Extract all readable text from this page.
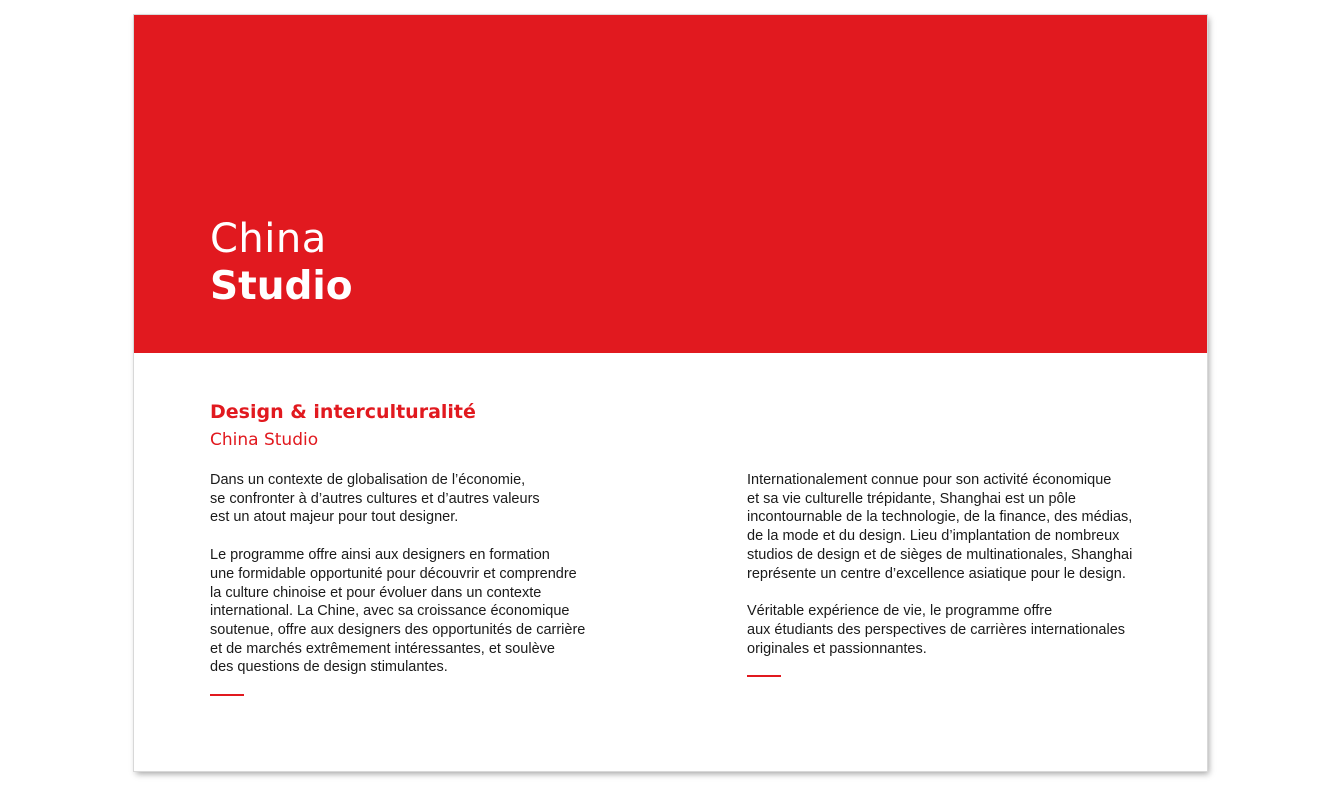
China
Studio
Design & interculturalité
China Studio
Dans un contexte de globalisation de l’économie,
se confronter à d’autres cultures et d’autres valeurs
est un atout majeur pour tout designer.
Le programme offre ainsi aux designers en formation
une formidable opportunité pour découvrir et comprendre
la culture chinoise et pour évoluer dans un contexte
international. La Chine, avec sa croissance économique
soutenue, offre aux designers des opportunités de carrière
et de marchés extrêmement intéressantes, et soulève
des questions de design stimulantes.
Internationalement connue pour son activité économique
et sa vie culturelle trépidante, Shanghai est un pôle
incontournable de la technologie, de la finance, des médias,
de la mode et du design. Lieu d’implantation de nombreux
studios de design et de sièges de multinationales, Shanghai
représente un centre d’excellence asiatique pour le design.
Véritable expérience de vie, le programme offre
aux étudiants des perspectives de carrières internationales
originales et passionnantes.
